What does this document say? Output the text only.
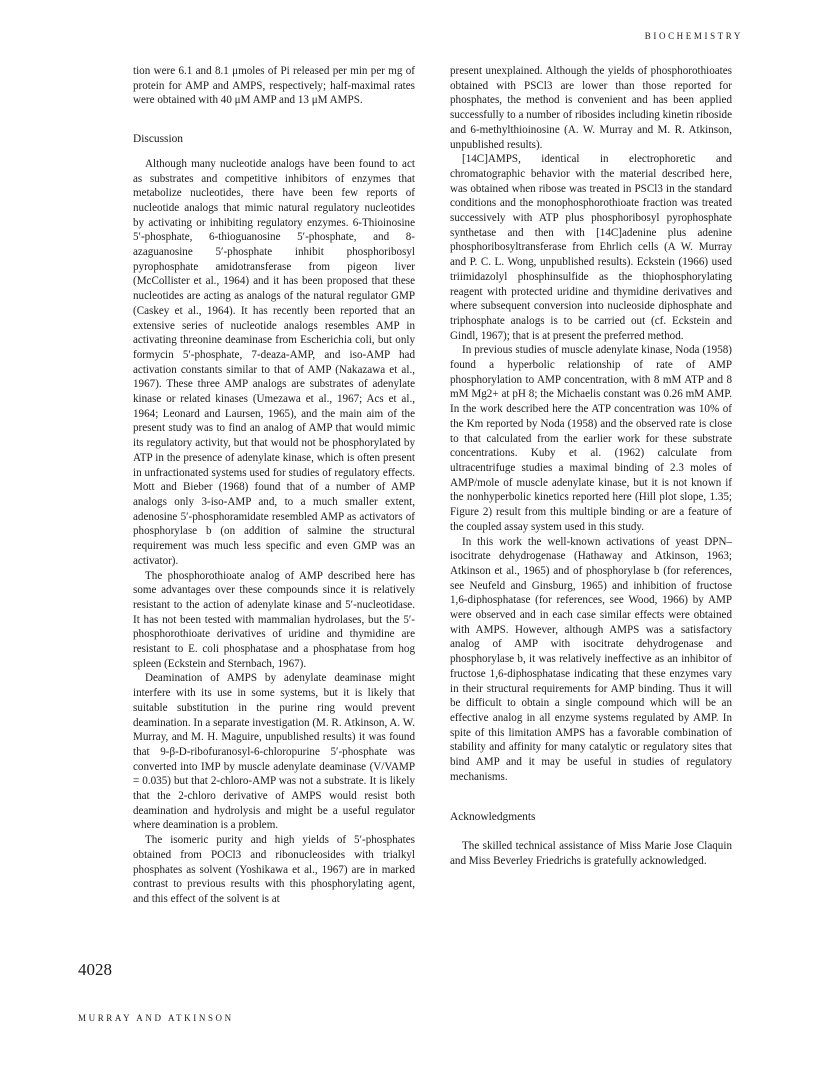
BIOCHEMISTRY

tion were 6.1 and 8.1 μmoles of Pi released per min per mg of protein for AMP and AMPS, respectively; half-maximal rates were obtained with 40 μM AMP and 13 μM AMPS.

Discussion

Although many nucleotide analogs have been found to act as substrates and competitive inhibitors of enzymes that metabolize nucleotides, there have been few reports of nucleotide analogs that mimic natural regulatory nucleotides by activating or inhibiting regulatory enzymes. 6-Thioinosine 5′-phosphate, 6-thioguanosine 5′-phosphate, and 8-azaguanosine 5′-phosphate inhibit phosphoribosyl pyrophosphate amidotransferase from pigeon liver (McCollister et al., 1964) and it has been proposed that these nucleotides are acting as analogs of the natural regulator GMP (Caskey et al., 1964). It has recently been reported that an extensive series of nucleotide analogs resembles AMP in activating threonine deaminase from Escherichia coli, but only formycin 5′-phosphate, 7-deaza-AMP, and iso-AMP had activation constants similar to that of AMP (Nakazawa et al., 1967). These three AMP analogs are substrates of adenylate kinase or related kinases (Umezawa et al., 1967; Acs et al., 1964; Leonard and Laursen, 1965), and the main aim of the present study was to find an analog of AMP that would mimic its regulatory activity, but that would not be phosphorylated by ATP in the presence of adenylate kinase, which is often present in unfractionated systems used for studies of regulatory effects. Mott and Bieber (1968) found that of a number of AMP analogs only 3-iso-AMP and, to a much smaller extent, adenosine 5′-phosphoramidate resembled AMP as activators of phosphorylase b (on addition of salmine the structural requirement was much less specific and even GMP was an activator).

The phosphorothioate analog of AMP described here has some advantages over these compounds since it is relatively resistant to the action of adenylate kinase and 5′-nucleotidase. It has not been tested with mammalian hydrolases, but the 5′-phosphorothioate derivatives of uridine and thymidine are resistant to E. coli phosphatase and a phosphatase from hog spleen (Eckstein and Sternbach, 1967).

Deamination of AMPS by adenylate deaminase might interfere with its use in some systems, but it is likely that suitable substitution in the purine ring would prevent deamination. In a separate investigation (M. R. Atkinson, A. W. Murray, and M. H. Maguire, unpublished results) it was found that 9-β-D-ribofuranosyl-6-chloropurine 5′-phosphate was converted into IMP by muscle adenylate deaminase (V/VAMP = 0.035) but that 2-chloro-AMP was not a substrate. It is likely that the 2-chloro derivative of AMPS would resist both deamination and hydrolysis and might be a useful regulator where deamination is a problem.

The isomeric purity and high yields of 5′-phosphates obtained from POCl3 and ribonucleosides with trialkyl phosphates as solvent (Yoshikawa et al., 1967) are in marked contrast to previous results with this phosphorylating agent, and this effect of the solvent is at

present unexplained. Although the yields of phosphorothioates obtained with PSCl3 are lower than those reported for phosphates, the method is convenient and has been applied successfully to a number of ribosides including kinetin riboside and 6-methylthioinosine (A. W. Murray and M. R. Atkinson, unpublished results).

[14C]AMPS, identical in electrophoretic and chromatographic behavior with the material described here, was obtained when ribose was treated in PSCl3 in the standard conditions and the monophosphorothioate fraction was treated successively with ATP plus phosphoribosyl pyrophosphate synthetase and then with [14C]adenine plus adenine phosphoribosyltransferase from Ehrlich cells (A W. Murray and P. C. L. Wong, unpublished results). Eckstein (1966) used triimidazolyl phosphinsulfide as the thiophosphorylating reagent with protected uridine and thymidine derivatives and where subsequent conversion into nucleoside diphosphate and triphosphate analogs is to be carried out (cf. Eckstein and Gindl, 1967); that is at present the preferred method.

In previous studies of muscle adenylate kinase, Noda (1958) found a hyperbolic relationship of rate of AMP phosphorylation to AMP concentration, with 8 mM ATP and 8 mM Mg2+ at pH 8; the Michaelis constant was 0.26 mM AMP. In the work described here the ATP concentration was 10% of the Km reported by Noda (1958) and the observed rate is close to that calculated from the earlier work for these substrate concentrations. Kuby et al. (1962) calculate from ultracentrifuge studies a maximal binding of 2.3 moles of AMP/mole of muscle adenylate kinase, but it is not known if the nonhyperbolic kinetics reported here (Hill plot slope, 1.35; Figure 2) result from this multiple binding or are a feature of the coupled assay system used in this study.

In this work the well-known activations of yeast DPN–isocitrate dehydrogenase (Hathaway and Atkinson, 1963; Atkinson et al., 1965) and of phosphorylase b (for references, see Neufeld and Ginsburg, 1965) and inhibition of fructose 1,6-diphosphatase (for references, see Wood, 1966) by AMP were observed and in each case similar effects were obtained with AMPS. However, although AMPS was a satisfactory analog of AMP with isocitrate dehydrogenase and phosphorylase b, it was relatively ineffective as an inhibitor of fructose 1,6-diphosphatase indicating that these enzymes vary in their structural requirements for AMP binding. Thus it will be difficult to obtain a single compound which will be an effective analog in all enzyme systems regulated by AMP. In spite of this limitation AMPS has a favorable combination of stability and affinity for many catalytic or regulatory sites that bind AMP and it may be useful in studies of regulatory mechanisms.

Acknowledgments

The skilled technical assistance of Miss Marie Jose Claquin and Miss Beverley Friedrichs is gratefully acknowledged.

4028
MURRAY AND ATKINSON
